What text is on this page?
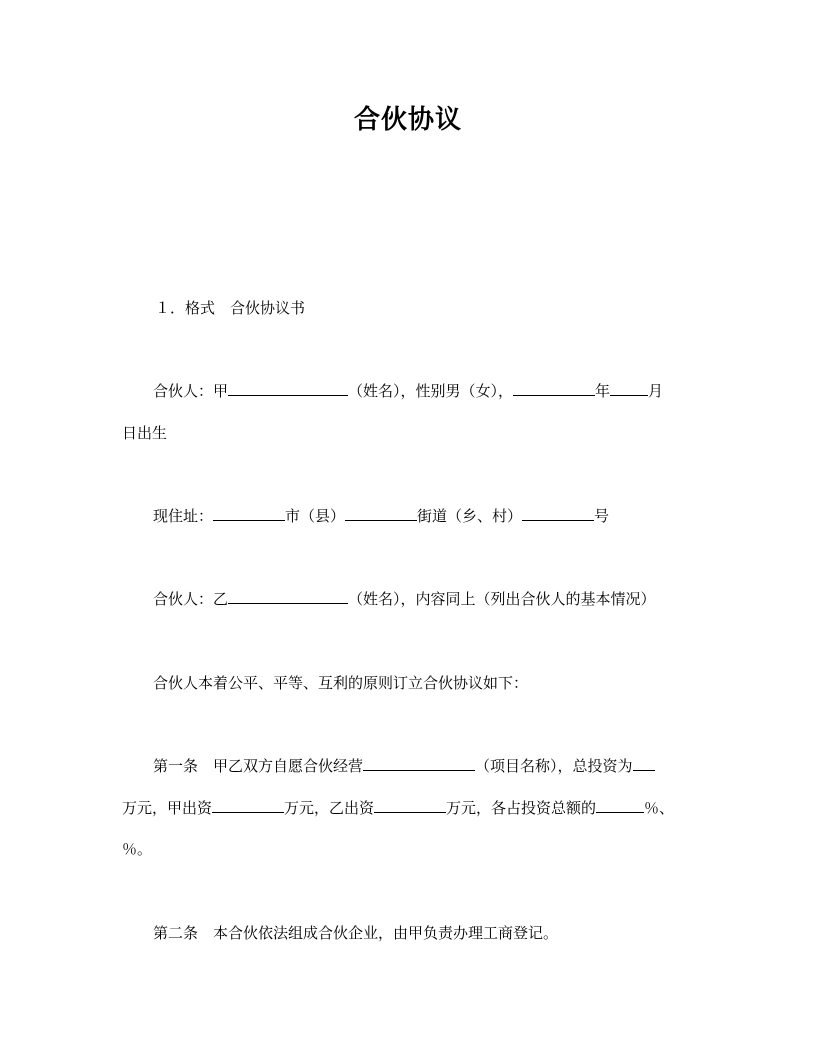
合伙协议
１．格式　合伙协议书
合伙人：甲	（姓名），性别男（女），	年	月
日出生
现住址：	市（县）	街道（乡、村）	号
合伙人：乙	（姓名），内容同上（列出合伙人的基本情况）
合伙人本着公平、平等、互利的原则订立合伙协议如下：
第一条　甲乙双方自愿合伙经营	（项目名称），总投资为
万元，甲出资	万元，乙出资	万元，各占投资总额的	％、
％。
第二条　本合伙依法组成合伙企业，由甲负责办理工商登记。
